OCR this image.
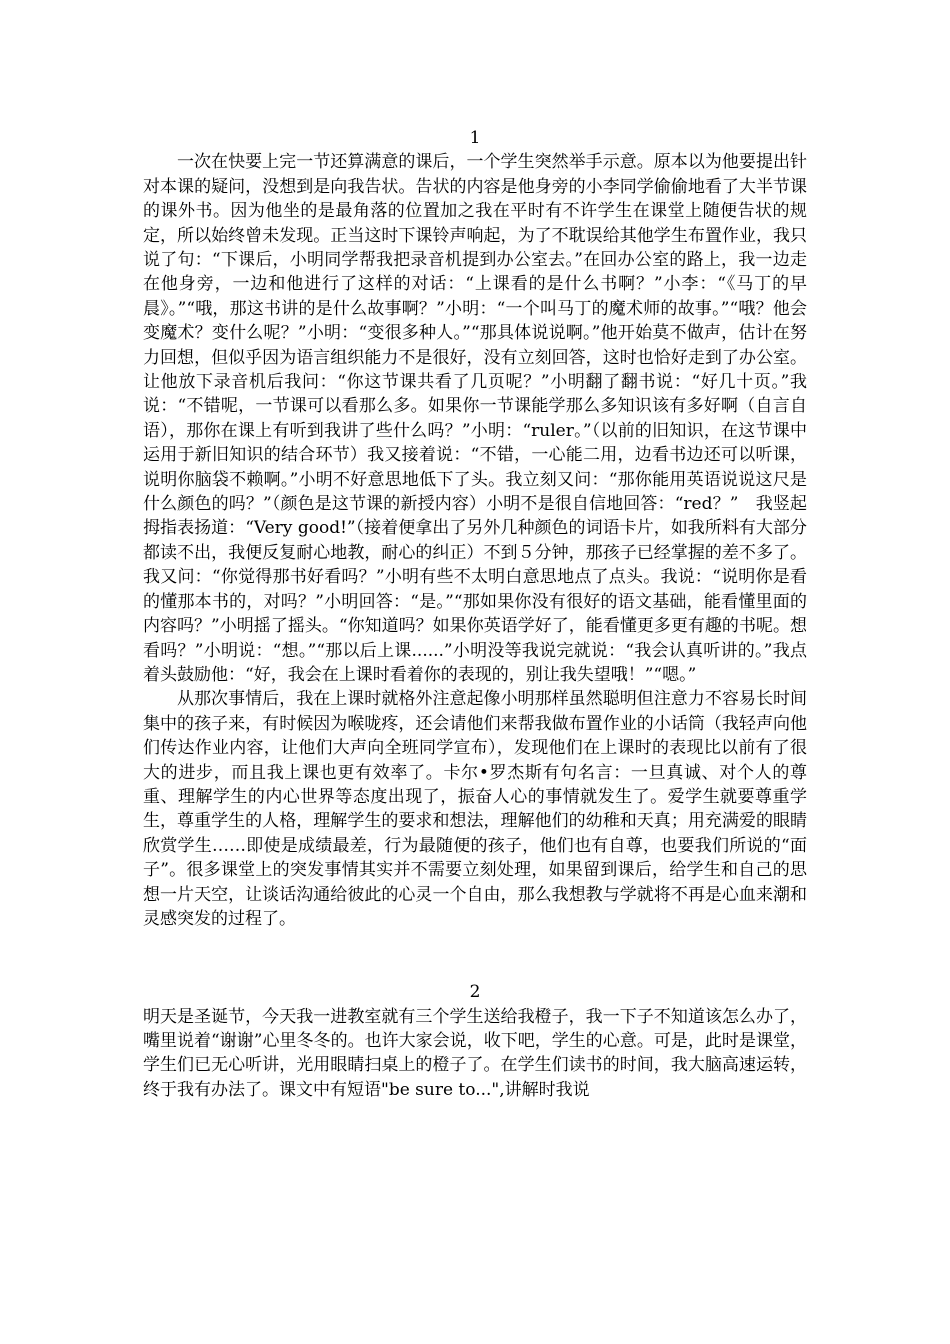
1

一次在快要上完一节还算满意的课后，一个学生突然举手示意。原本以为他要提出针对本课的疑问，没想到是向我告状。告状的内容是他身旁的小李同学偷偷地看了大半节课的课外书。因为他坐的是最角落的位置加之我在平时有不许学生在课堂上随便告状的规定，所以始终曾未发现。正当这时下课铃声响起，为了不耽误给其他学生布置作业，我只说了句：“下课后，小明同学帮我把录音机提到办公室去。”在回办公室的路上，我一边走在他身旁，一边和他进行了这样的对话：“上课看的是什么书啊？”小李：“《马丁的早晨》。”“哦，那这书讲的是什么故事啊？”小明：“一个叫马丁的魔术师的故事。”“哦？他会变魔术？变什么呢？”小明：“变很多种人。”“那具体说说啊。”他开始莫不做声，估计在努力回想，但似乎因为语言组织能力不是很好，没有立刻回答，这时也恰好走到了办公室。让他放下录音机后我问：“你这节课共看了几页呢？”小明翻了翻书说：“好几十页。”我说：“不错呢，一节课可以看那么多。如果你一节课能学那么多知识该有多好啊（自言自语），那你在课上有听到我讲了些什么吗？”小明：“ruler。”（以前的旧知识，在这节课中运用于新旧知识的结合环节）我又接着说：“不错，一心能二用，边看书边还可以听课，说明你脑袋不赖啊。”小明不好意思地低下了头。我立刻又问：“那你能用英语说说这尺是什么颜色的吗？”（颜色是这节课的新授内容）小明不是很自信地回答：“red？”　我竖起拇指表扬道：“Very good!”（接着便拿出了另外几种颜色的词语卡片，如我所料有大部分都读不出，我便反复耐心地教，耐心的纠正）不到５分钟，那孩子已经掌握的差不多了。我又问：“你觉得那书好看吗？”小明有些不太明白意思地点了点头。我说：“说明你是看的懂那本书的，对吗？”小明回答：“是。”“那如果你没有很好的语文基础，能看懂里面的内容吗？”小明摇了摇头。“你知道吗？如果你英语学好了，能看懂更多更有趣的书呢。想看吗？”小明说：“想。”“那以后上课......”小明没等我说完就说：“我会认真听讲的。”我点着头鼓励他：“好，我会在上课时看着你的表现的，别让我失望哦！”“嗯。”

从那次事情后，我在上课时就格外注意起像小明那样虽然聪明但注意力不容易长时间集中的孩子来，有时候因为喉咙疼，还会请他们来帮我做布置作业的小话筒（我轻声向他们传达作业内容，让他们大声向全班同学宣布），发现他们在上课时的表现比以前有了很大的进步，而且我上课也更有效率了。卡尔•罗杰斯有句名言：一旦真诚、对个人的尊重、理解学生的内心世界等态度出现了，振奋人心的事情就发生了。爱学生就要尊重学生，尊重学生的人格，理解学生的要求和想法，理解他们的幼稚和天真；用充满爱的眼睛欣赏学生……即使是成绩最差，行为最随便的孩子，他们也有自尊，也要我们所说的“面子”。很多课堂上的突发事情其实并不需要立刻处理，如果留到课后，给学生和自己的思想一片天空，让谈话沟通给彼此的心灵一个自由，那么我想教与学就将不再是心血来潮和灵感突发的过程了。

2

明天是圣诞节，今天我一进教室就有三个学生送给我橙子，我一下子不知道该怎么办了，嘴里说着“谢谢”心里冬冬的。也许大家会说，收下吧，学生的心意。可是，此时是课堂，学生们已无心听讲，光用眼睛扫桌上的橙子了。在学生们读书的时间，我大脑高速运转，终于我有办法了。课文中有短语"be sure to...",讲解时我说
